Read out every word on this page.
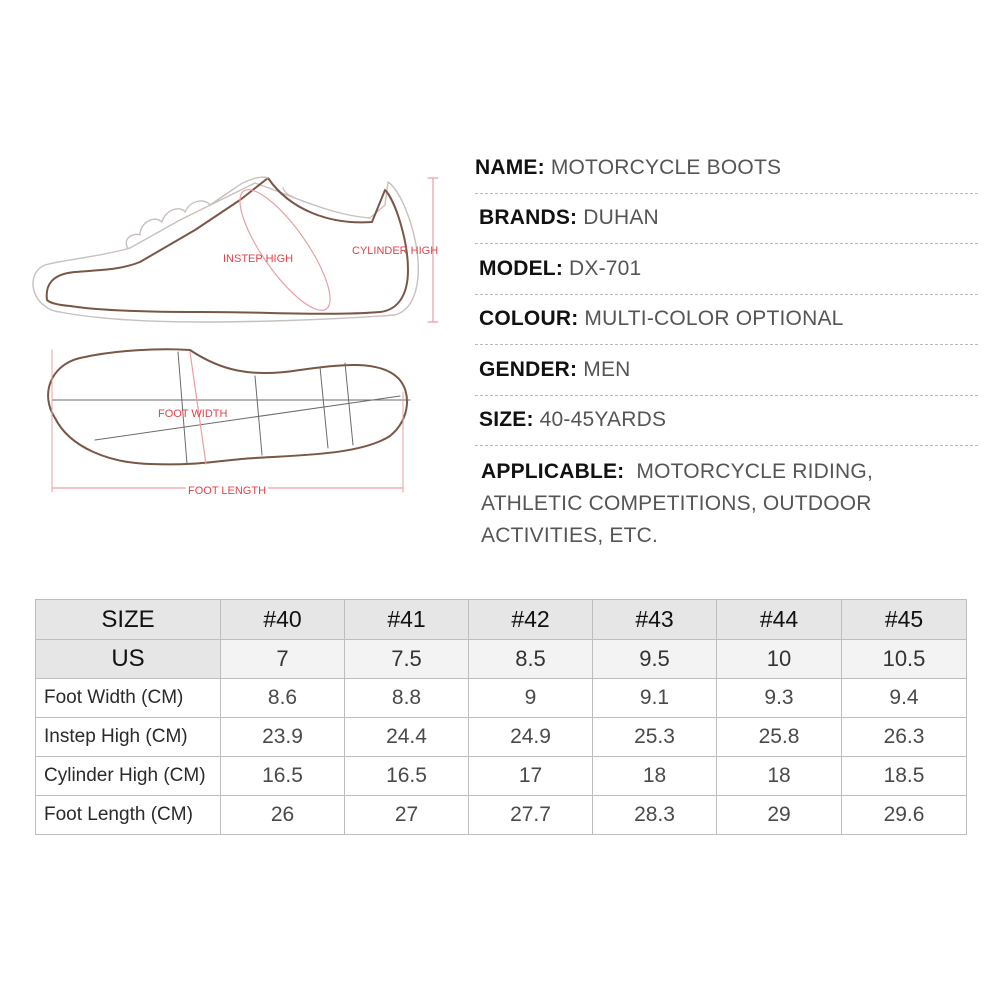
INSTEP HIGH
CYLINDER HIGH
FOOT WIDTH
FOOT LENGTH
NAME: MOTORCYCLE BOOTS
BRANDS: DUHAN
MODEL: DX-701
COLOUR: MULTI-COLOR OPTIONAL
GENDER: MEN
SIZE: 40-45YARDS
APPLICABLE: MOTORCYCLE RIDING, ATHLETIC COMPETITIONS, OUTDOOR ACTIVITIES, ETC.
SIZE	#40	#41	#42	#43	#44	#45
US	7	7.5	8.5	9.5	10	10.5
Foot Width (CM)	8.6	8.8	9	9.1	9.3	9.4
Instep High (CM)	23.9	24.4	24.9	25.3	25.8	26.3
Cylinder High (CM)	16.5	16.5	17	18	18	18.5
Foot Length (CM)	26	27	27.7	28.3	29	29.6
